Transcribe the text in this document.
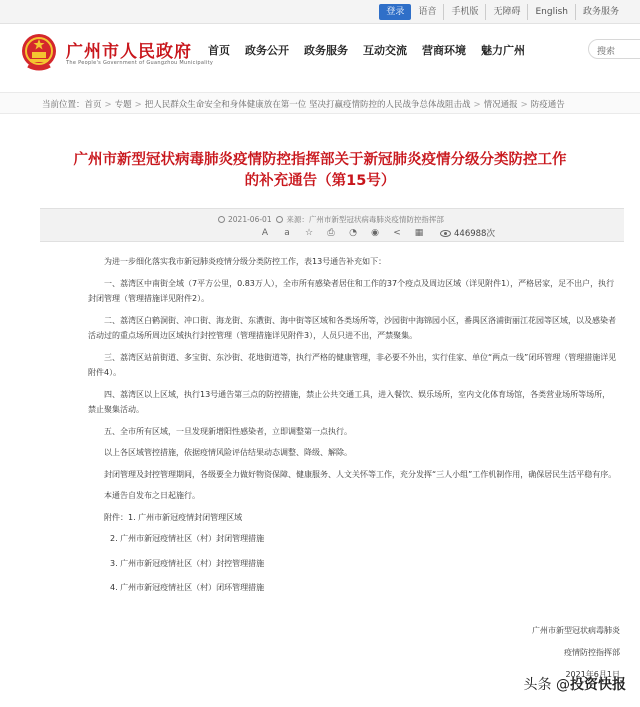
登录	语音	手机版	无障碍	English	政务服务
广州市人民政府
The People's Government of Guangzhou Municipality
首页 政务公开 政务服务 互动交流 营商环境 魅力广州	搜索
当前位置：首页 > 专题 > 把人民群众生命安全和身体健康放在第一位 坚决打赢疫情防控的人民战争总体战阻击战 > 情况通报 > 防疫通告
广州市新型冠状病毒肺炎疫情防控指挥部关于新冠肺炎疫情分级分类防控工作
的补充通告（第15号）
2021-06-01 来源：广州市新型冠状病毒肺炎疫情防控指挥部
A a ☆ ⎙ ◔ ◉ < ▦	446988次

为进一步细化落实我市新冠肺炎疫情分级分类防控工作，表13号通告补充如下：

一、荔湾区中南街全域（7平方公里，0.83万人），全市所有感染者居住和工作的37个疫点及周边区域（详见附件1），严格居家，足不出户，执行封闭管理（管理措施详见附件2）。

二、荔湾区白鹤洞街、冲口街、海龙街、东漖街、海中街等区域和各类场所等，沙园街中海锦园小区，番禺区洛浦街丽江花园等区域，以及感染者活动过的重点场所周边区域执行封控管理（管理措施详见附件3），人员只进不出，严禁聚集。

三、荔湾区站前街道、多宝街、东沙街、花地街道等，执行严格的健康管理，非必要不外出，实行佳家、单位“两点一线”闭环管理（管理措施详见附件4）。

四、荔湾区以上区域，执行13号通告第三点的防控措施，禁止公共交通工具，进入餐饮、娱乐场所，室内文化体育场馆，各类营业场所等场所，禁止聚集活动。

五、全市所有区域，一旦发现新增阳性感染者，立即调整第一点执行。

以上各区域管控措施，依据疫情风险评估结果动态调整、降级、解除。

封闭管理及封控管理期间，各级要全力做好物资保障、健康服务、人文关怀等工作，充分发挥“三人小组”工作机制作用，确保居民生活平稳有序。

本通告自发布之日起施行。

附件：1. 广州市新冠疫情封闭管理区域

2. 广州市新冠疫情社区（村）封闭管理措施

3. 广州市新冠疫情社区（村）封控管理措施

4. 广州市新冠疫情社区（村）闭环管理措施

广州市新型冠状病毒肺炎
疫情防控指挥部
2021年6月1日
头条 @投资快报
